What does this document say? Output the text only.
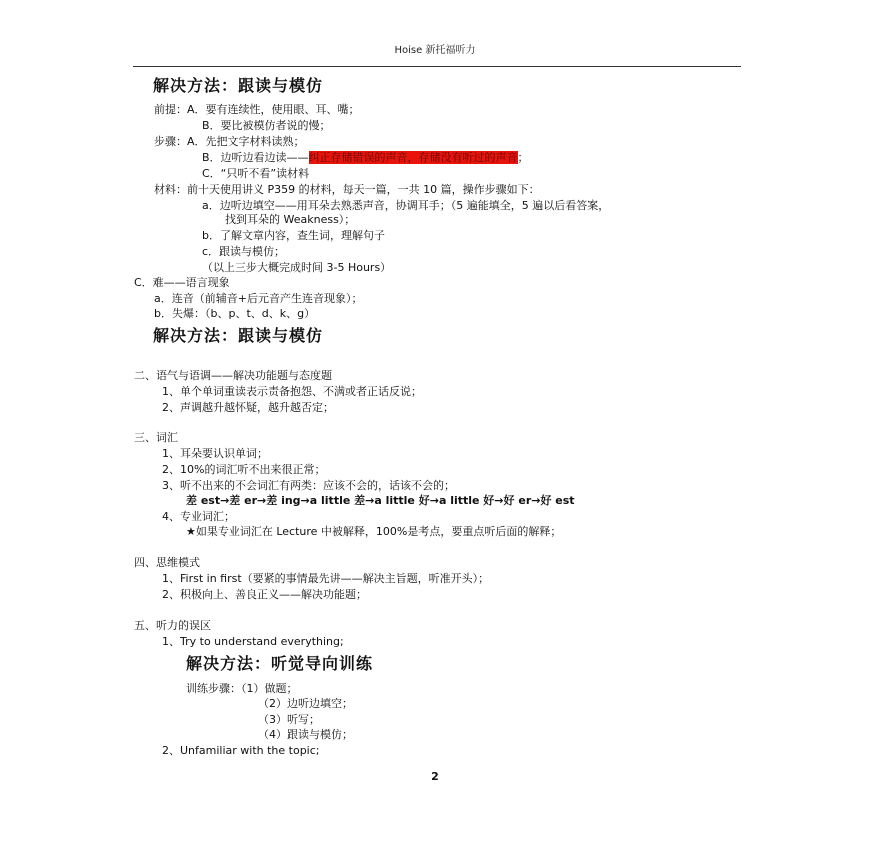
Hoise 新托福听力
解决方法：跟读与模仿
前提：A．要有连续性，使用眼、耳、嘴；
B．要比被模仿者说的慢；
步骤：A．先把文字材料读熟；
B．边听边看边读——纠正存储错误的声音，存储没有听过的声音；
C．“只听不看”读材料
材料：前十天使用讲义 P359 的材料，每天一篇，一共 10 篇，操作步骤如下：
a．边听边填空——用耳朵去熟悉声音，协调耳手；（5 遍能填全，5 遍以后看答案，
找到耳朵的 Weakness）；
b．了解文章内容，查生词，理解句子
c．跟读与模仿；
（以上三步大概完成时间 3-5 Hours）
C．难——语言现象
a．连音（前辅音+后元音产生连音现象）；
b．失爆：（b、p、t、d、k、g）
解决方法：跟读与模仿
二、语气与语调——解决功能题与态度题
1、单个单词重读表示责备抱怨、不满或者正话反说；
2、声调越升越怀疑，越升越否定；
三、词汇
1、耳朵要认识单词；
2、10%的词汇听不出来很正常；
3、听不出来的不会词汇有两类：应该不会的，话该不会的；
差 est→差 er→差 ing→a little 差→a little 好→a little 好→好 er→好 est
4、专业词汇；
★如果专业词汇在 Lecture 中被解释，100%是考点，要重点听后面的解释；
四、思维模式
1、First in first（要紧的事情最先讲——解决主旨题，听准开头）；
2、积极向上、善良正义——解决功能题；
五、听力的误区
1、Try to understand everything;
解决方法：听觉导向训练
训练步骤：（1）做题；
（2）边听边填空；
（3）听写；
（4）跟读与模仿；
2、Unfamiliar with the topic;
2
